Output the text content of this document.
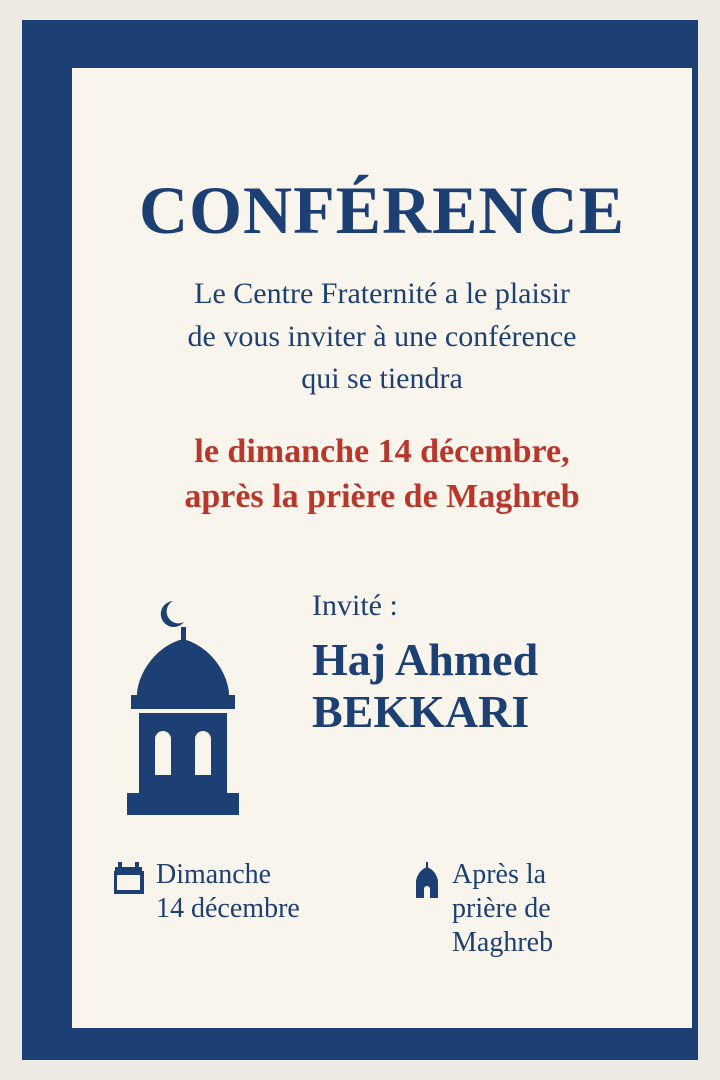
CONFÉRENCE
Le Centre Fraternité a le plaisir
de vous inviter à une conférence
qui se tiendra
le dimanche 14 décembre,
après la prière de Maghreb
Invité :
Haj Ahmed
BEKKARI
Dimanche
14 décembre
Après la
prière de
Maghreb
